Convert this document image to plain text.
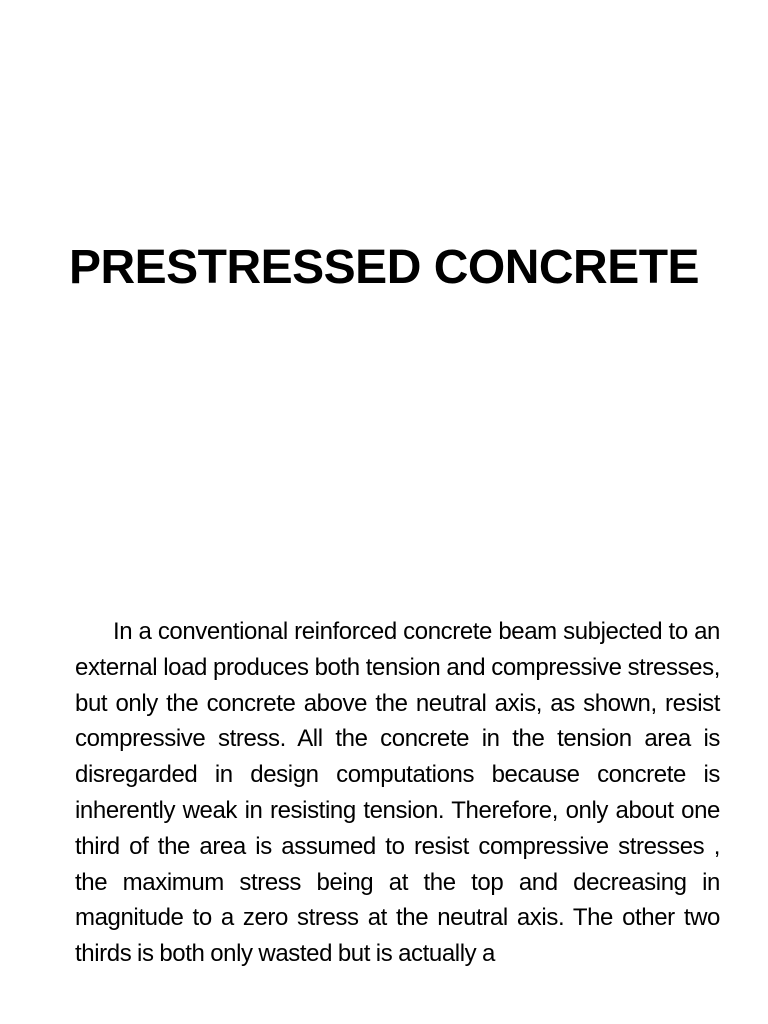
PRESTRESSED CONCRETE

In a conventional reinforced concrete beam subjected to an external load produces both tension and compressive stresses, but only the concrete above the neutral axis, as shown, resist compressive stress. All the concrete in the tension area is disregarded in design computations because concrete is inherently weak in resisting tension. Therefore, only about one third of the area is assumed to resist compressive stresses , the maximum stress being at the top and decreasing in magnitude to a zero stress at the neutral axis. The other two thirds is both only wasted but is actually a
